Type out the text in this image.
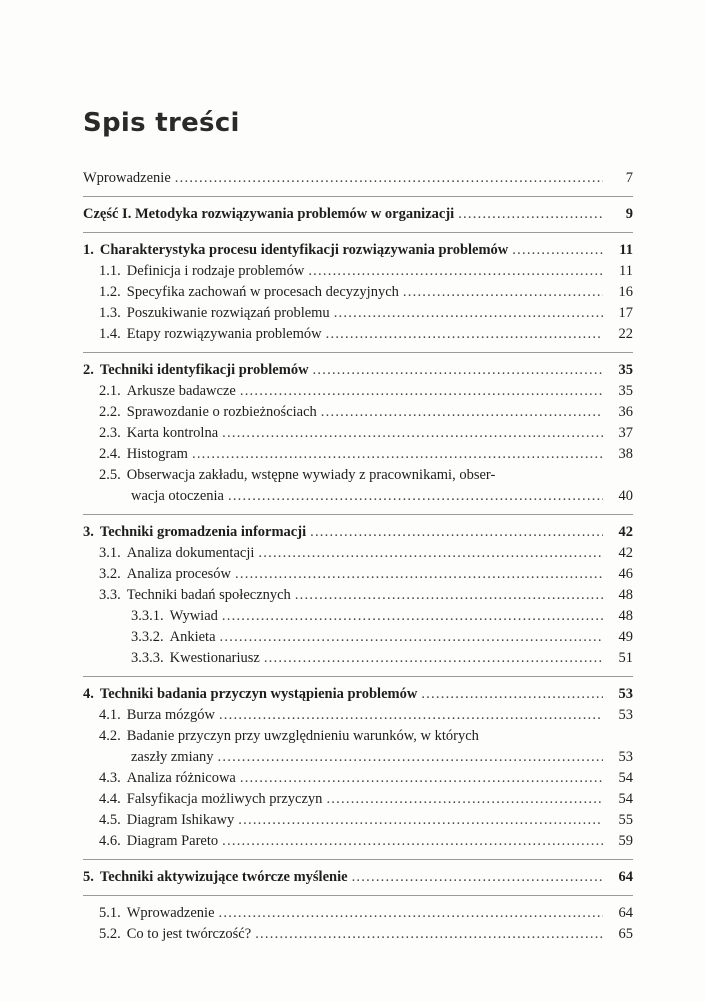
Spis treści
Wprowadzenie . . .	7
Część I. Metodyka rozwiązywania problemów w organizacji . . .	9
1. Charakterystyka procesu identyfikacji rozwiązywania problemów . . .	11
1.1. Definicja i rodzaje problemów . . .	11
1.2. Specyfika zachowań w procesach decyzyjnych . . .	16
1.3. Poszukiwanie rozwiązań problemu . . .	17
1.4. Etapy rozwiązywania problemów . . .	22
2. Techniki identyfikacji problemów . . .	35
2.1. Arkusze badawcze . . .	35
2.2. Sprawozdanie o rozbieżnościach . . .	36
2.3. Karta kontrolna . . .	37
2.4. Histogram . . .	38
2.5. Obserwacja zakładu, wstępne wywiady z pracownikami, obser-
wacja otoczenia . . .	40
3. Techniki gromadzenia informacji . . .	42
3.1. Analiza dokumentacji . . .	42
3.2. Analiza procesów . . .	46
3.3. Techniki badań społecznych . . .	48
3.3.1. Wywiad . . .	48
3.3.2. Ankieta . . .	49
3.3.3. Kwestionariusz . . .	51
4. Techniki badania przyczyn wystąpienia problemów . . .	53
4.1. Burza mózgów . . .	53
4.2. Badanie przyczyn przy uwzględnieniu warunków, w których
zaszły zmiany . . .	53
4.3. Analiza różnicowa . . .	54
4.4. Falsyfikacja możliwych przyczyn . . .	54
4.5. Diagram Ishikawy . . .	55
4.6. Diagram Pareto . . .	59
5. Techniki aktywizujące twórcze myślenie . . .	64
5.1. Wprowadzenie . . .	64
5.2. Co to jest twórczość? . . .	65
